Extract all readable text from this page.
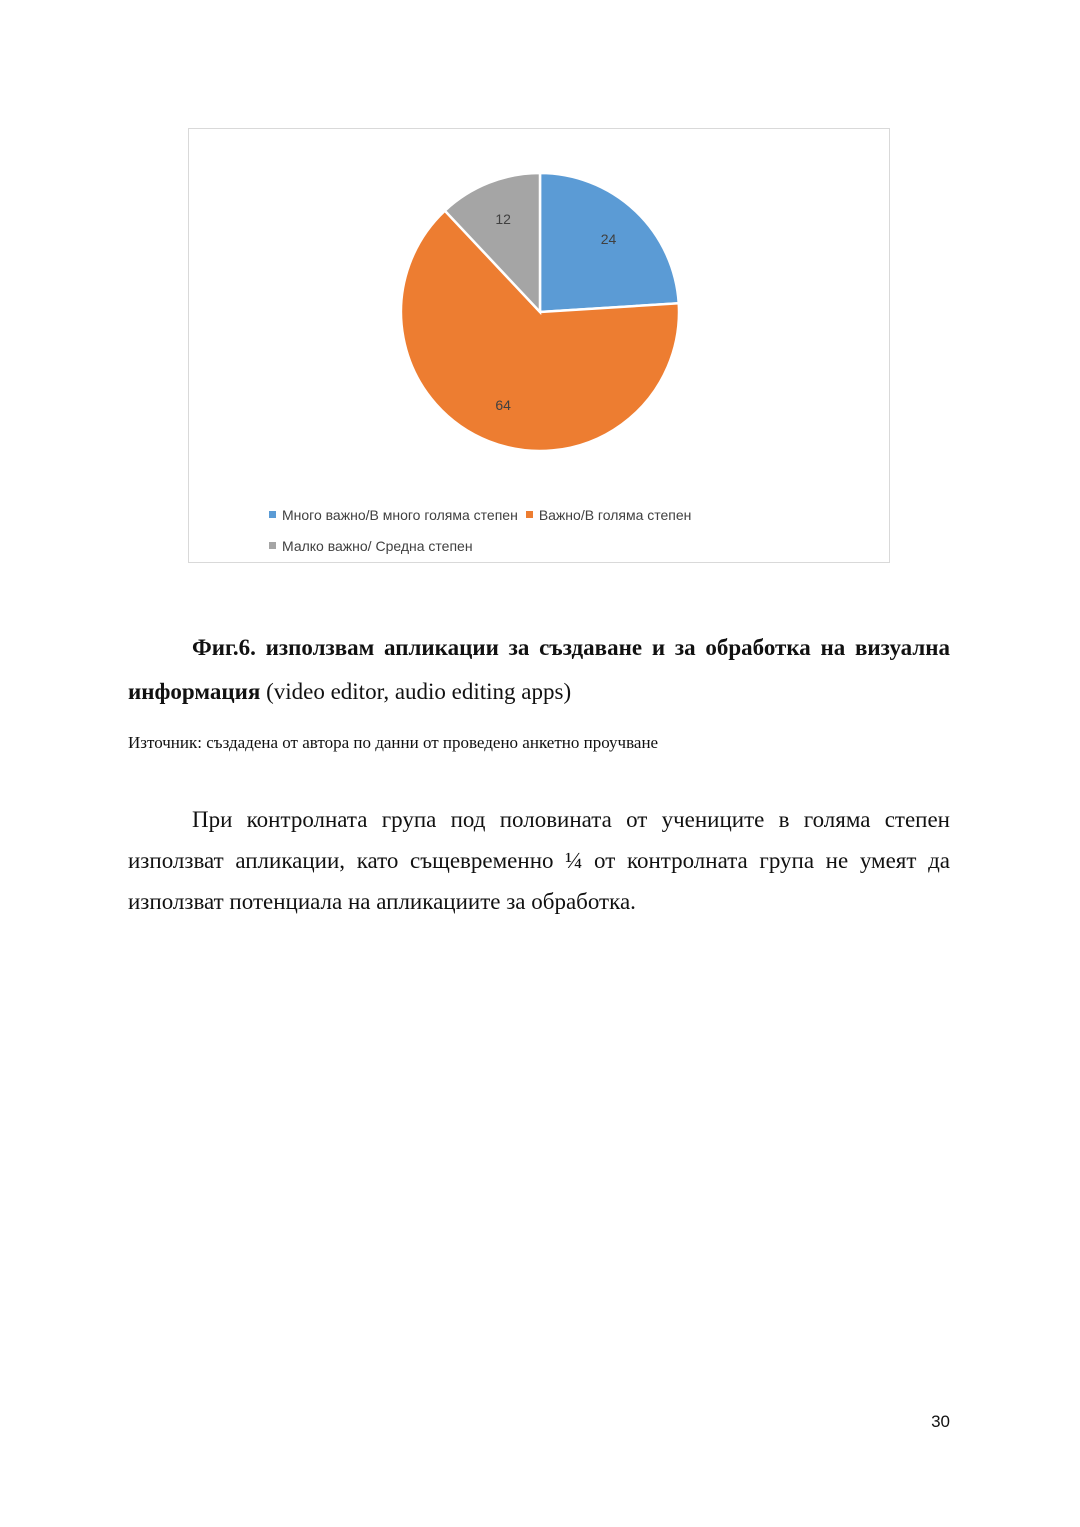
24
64
12
Много важно/В много голяма степен Важно/В голяма степен
Малко важно/ Средна степен
Фиг.6. използвам апликации за създаване и за обработка на визуална информация (video editor, audio editing apps)
Източник: създадена от автора по данни от проведено анкетно проучване
При контролната група под половината от учениците в голяма степен използват апликации, като същевременно ¼ от контролната група не умеят да използват потенциала на апликациите за обработка.
30
